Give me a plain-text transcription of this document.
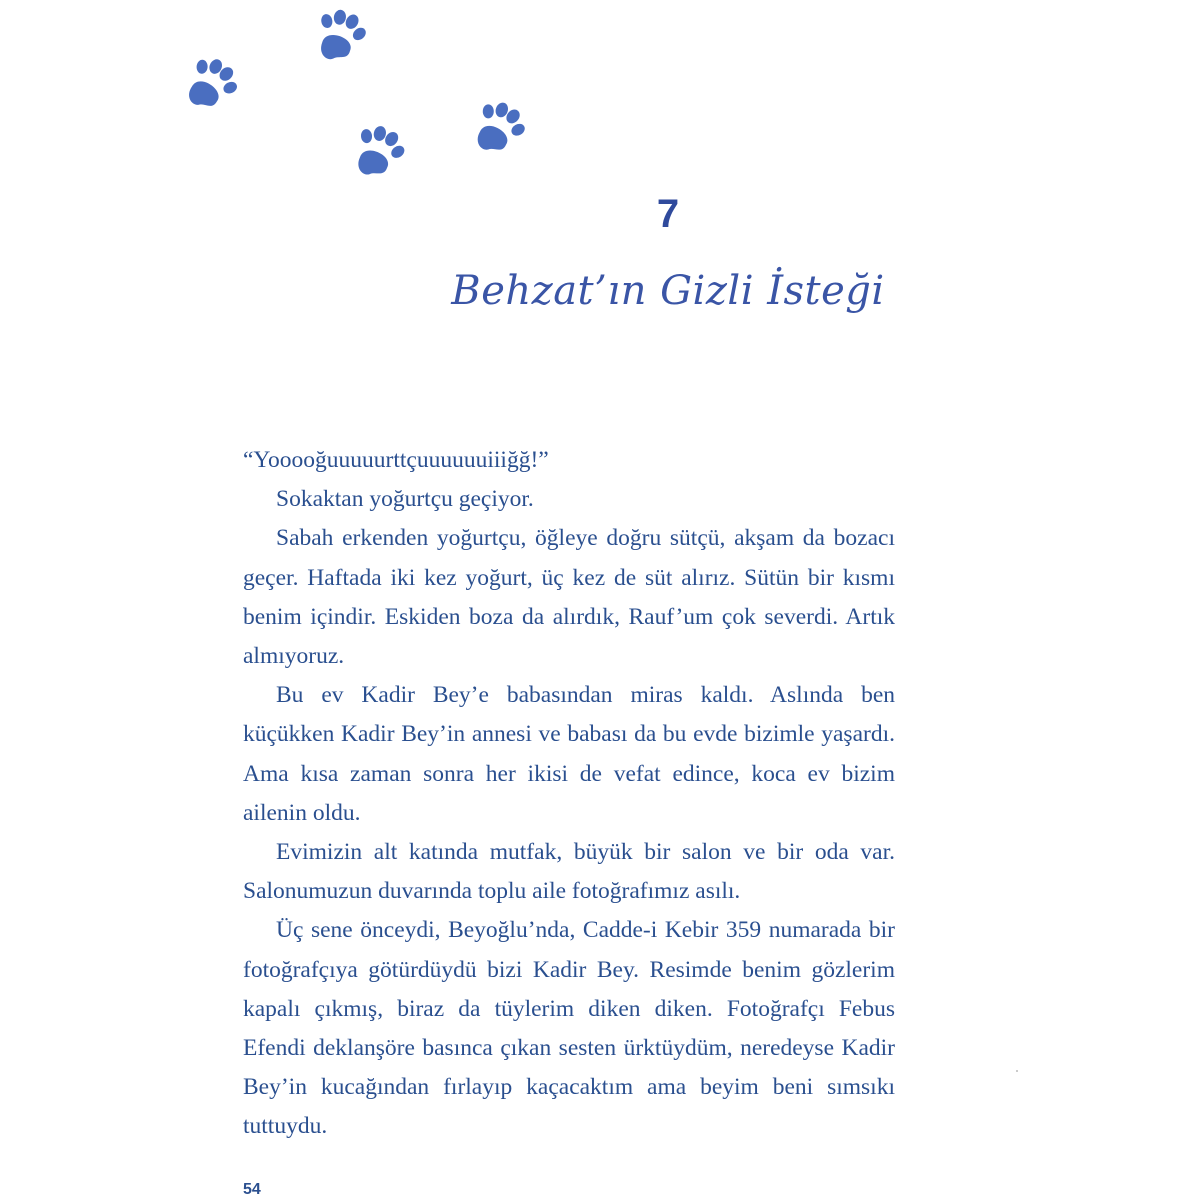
7
Behzat’ın Gizli İsteği

“Yoooоğuuuuurttçuuuuuuiiiğğ!”

Sokaktan yoğurtçu geçiyor.

Sabah erkenden yoğurtçu, öğleye doğru sütçü, akşam da bozacı geçer. Haftada iki kez yoğurt, üç kez de süt alırız. Sütün bir kısmı benim içindir. Eskiden boza da alırdık, Rauf’um çok severdi. Artık almıyoruz.

Bu ev Kadir Bey’e babasından miras kaldı. Aslında ben küçükken Kadir Bey’in annesi ve babası da bu evde bizimle yaşardı. Ama kısa zaman sonra her ikisi de vefat edince, koca ev bizim ailenin oldu.

Evimizin alt katında mutfak, büyük bir salon ve bir oda var. Salonumuzun duvarında toplu aile fotoğrafımız asılı.

Üç sene önceydi, Beyoğlu’nda, Cadde-i Kebir 359 numarada bir fotoğrafçıya götürdüydü bizi Kadir Bey. Resimde benim gözlerim kapalı çıkmış, biraz da tüylerim diken diken. Fotoğrafçı Febus Efendi deklanşöre basınca çıkan sesten ürktüydüm, neredeyse Kadir Bey’in kucağından fırlayıp kaçacaktım ama beyim beni sımsıkı tuttuydu.

54
